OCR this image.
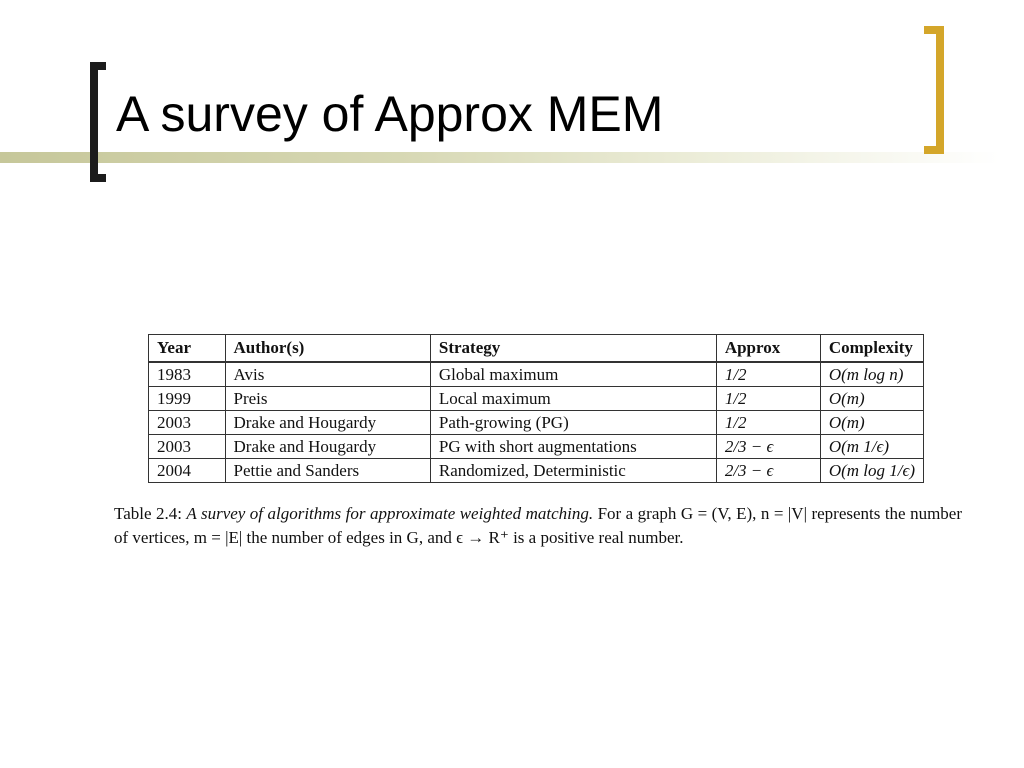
A survey of Approx MEM
Year	Author(s)	Strategy	Approx	Complexity
1983	Avis	Global maximum	1/2	O(m log n)
1999	Preis	Local maximum	1/2	O(m)
2003	Drake and Hougardy	Path-growing (PG)	1/2	O(m)
2003	Drake and Hougardy	PG with short augmentations	2/3 − ϵ	O(m 1/ϵ)
2004	Pettie and Sanders	Randomized, Deterministic	2/3 − ϵ	O(m log 1/ϵ)

Table 2.4: A survey of algorithms for approximate weighted matching. For a graph G = (V, E), n = |V| represents the number of vertices, m = |E| the number of edges in G, and ϵ → R⁺ is a positive real number.
